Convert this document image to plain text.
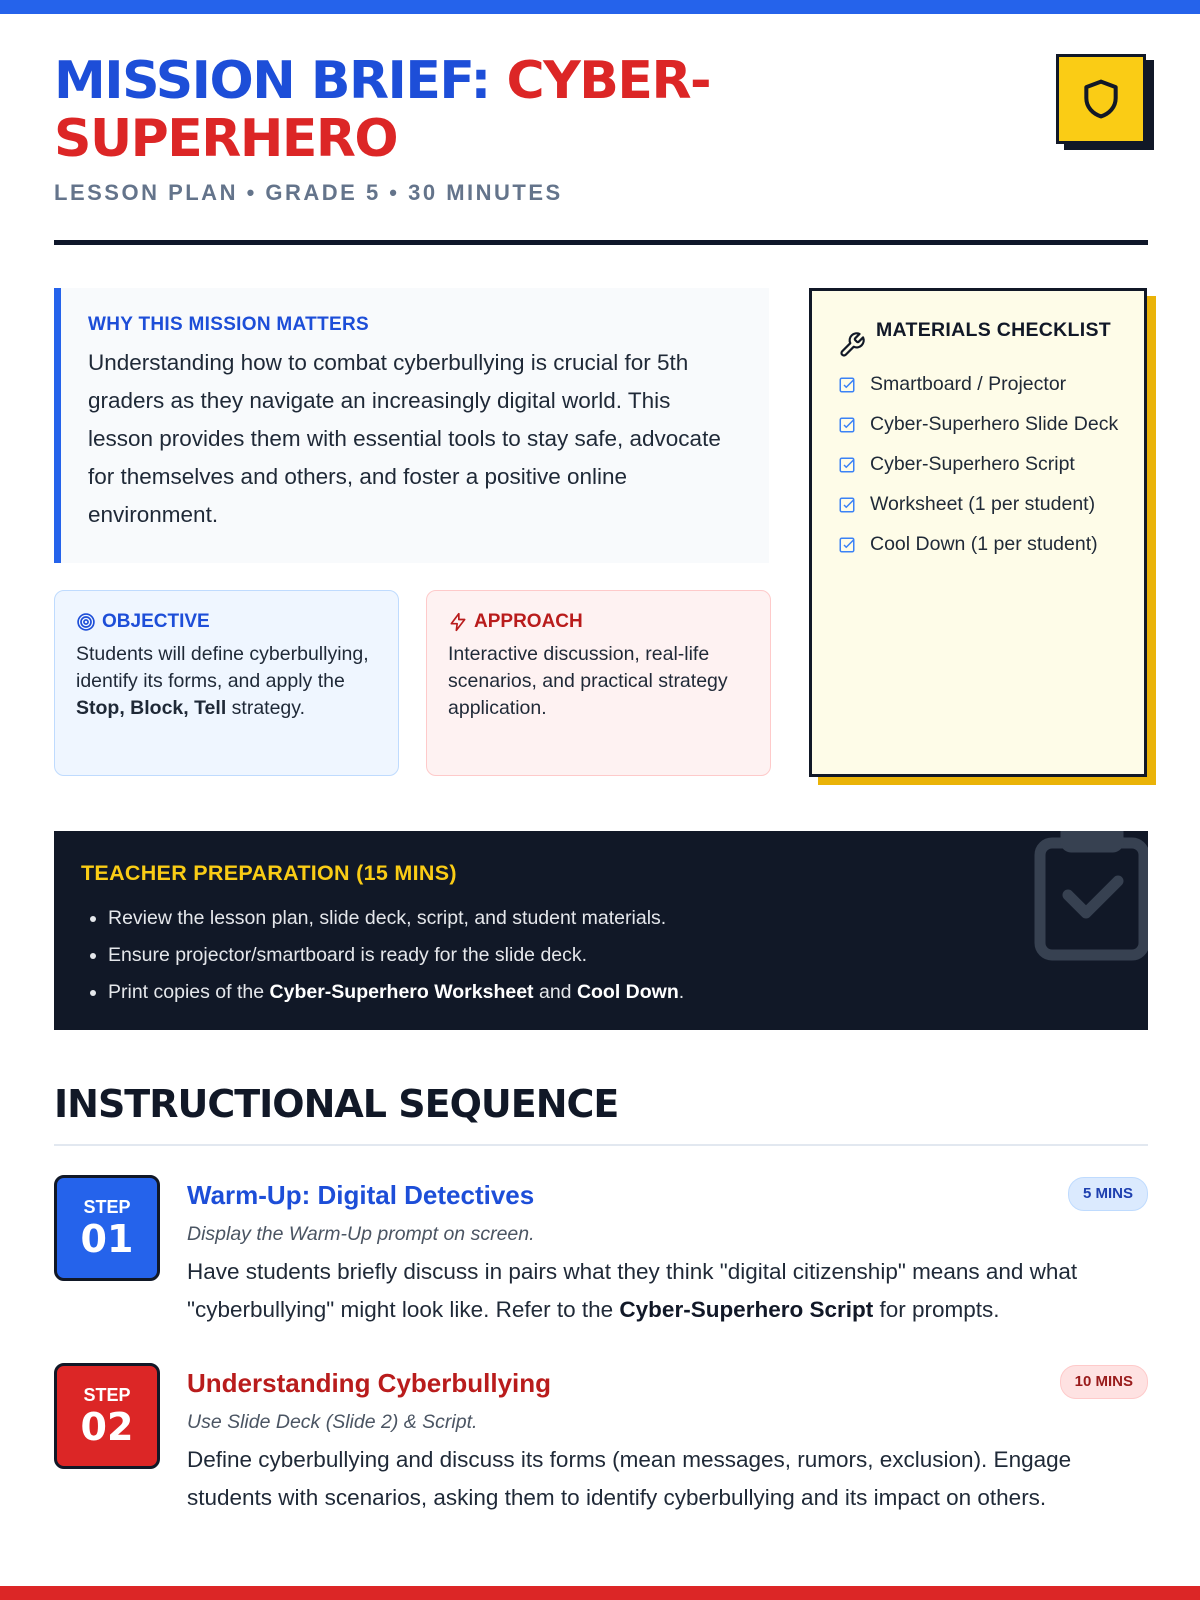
MISSION BRIEF: CYBER-SUPERHERO
LESSON PLAN • GRADE 5 • 30 MINUTES
WHY THIS MISSION MATTERS
Understanding how to combat cyberbullying is crucial for 5th graders as they navigate an increasingly digital world. This lesson provides them with essential tools to stay safe, advocate for themselves and others, and foster a positive online environment.
OBJECTIVE
Students will define cyberbullying, identify its forms, and apply the Stop, Block, Tell strategy.
APPROACH
Interactive discussion, real-life scenarios, and practical strategy application.
MATERIALS CHECKLIST
Smartboard / Projector
Cyber-Superhero Slide Deck
Cyber-Superhero Script
Worksheet (1 per student)
Cool Down (1 per student)
TEACHER PREPARATION (15 MINS)
• Review the lesson plan, slide deck, script, and student materials.
• Ensure projector/smartboard is ready for the slide deck.
• Print copies of the Cyber-Superhero Worksheet and Cool Down.
INSTRUCTIONAL SEQUENCE
STEP
01
Warm-Up: Digital Detectives	5 MINS
Display the Warm-Up prompt on screen.
Have students briefly discuss in pairs what they think "digital citizenship" means and what "cyberbullying" might look like. Refer to the Cyber-Superhero Script for prompts.
STEP
02
Understanding Cyberbullying	10 MINS
Use Slide Deck (Slide 2) & Script.
Define cyberbullying and discuss its forms (mean messages, rumors, exclusion). Engage students with scenarios, asking them to identify cyberbullying and its impact on others.
